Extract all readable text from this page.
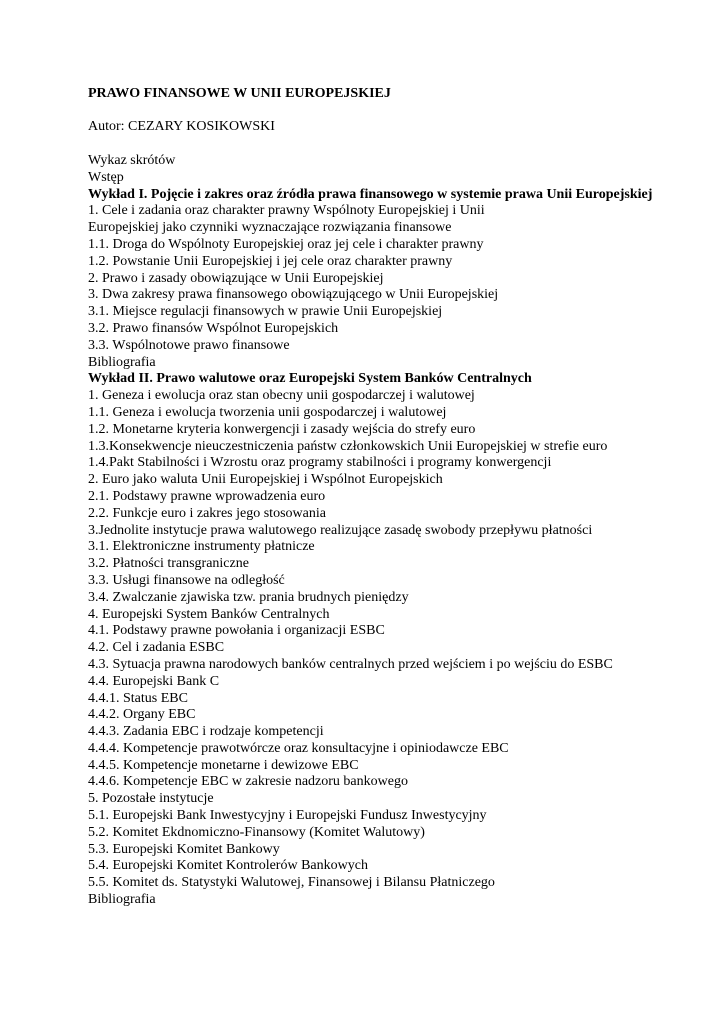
PRAWO FINANSOWE W UNII EUROPEJSKIEJ
Autor: CEZARY KOSIKOWSKI
Wykaz skrótów
Wstęp
Wykład I. Pojęcie i zakres oraz źródła prawa finansowego w systemie prawa Unii Europejskiej
1. Cele i zadania oraz charakter prawny Wspólnoty Europejskiej i Unii
Europejskiej jako czynniki wyznaczające rozwiązania finansowe
1.1. Droga do Wspólnoty Europejskiej oraz jej cele i charakter prawny
1.2. Powstanie Unii Europejskiej i jej cele oraz charakter prawny
2. Prawo i zasady obowiązujące w Unii Europejskiej
3. Dwa zakresy prawa finansowego obowiązującego w Unii Europejskiej
3.1. Miejsce regulacji finansowych w prawie Unii Europejskiej
3.2. Prawo finansów Wspólnot Europejskich
3.3. Wspólnotowe prawo finansowe
Bibliografia
Wykład II. Prawo walutowe oraz Europejski System Banków Centralnych
1. Geneza i ewolucja oraz stan obecny unii gospodarczej i walutowej
1.1. Geneza i ewolucja tworzenia unii gospodarczej i walutowej
1.2. Monetarne kryteria konwergencji i zasady wejścia do strefy euro
1.3.Konsekwencje nieuczestniczenia państw członkowskich Unii Europejskiej w strefie euro
1.4.Pakt Stabilności i Wzrostu oraz programy stabilności i programy konwergencji
2. Euro jako waluta Unii Europejskiej i Wspólnot Europejskich
2.1. Podstawy prawne wprowadzenia euro
2.2. Funkcje euro i zakres jego stosowania
3.Jednolite instytucje prawa walutowego realizujące zasadę swobody przepływu płatności
3.1. Elektroniczne instrumenty płatnicze
3.2. Płatności transgraniczne
3.3. Usługi finansowe na odległość
3.4. Zwalczanie zjawiska tzw. prania brudnych pieniędzy
4. Europejski System Banków Centralnych
4.1. Podstawy prawne powołania i organizacji ESBC
4.2. Cel i zadania ESBC
4.3. Sytuacja prawna narodowych banków centralnych przed wejściem i po wejściu do ESBC
4.4. Europejski Bank C
4.4.1. Status EBC
4.4.2. Organy EBC
4.4.3. Zadania EBC i rodzaje kompetencji
4.4.4. Kompetencje prawotwórcze oraz konsultacyjne i opiniodawcze EBC
4.4.5. Kompetencje monetarne i dewizowe EBC
4.4.6. Kompetencje EBC w zakresie nadzoru bankowego
5. Pozostałe instytucje
5.1. Europejski Bank Inwestycyjny i Europejski Fundusz Inwestycyjny
5.2. Komitet Ekdnomiczno-Finansowy (Komitet Walutowy)
5.3. Europejski Komitet Bankowy
5.4. Europejski Komitet Kontrolerów Bankowych
5.5. Komitet ds. Statystyki Walutowej, Finansowej i Bilansu Płatniczego
Bibliografia
